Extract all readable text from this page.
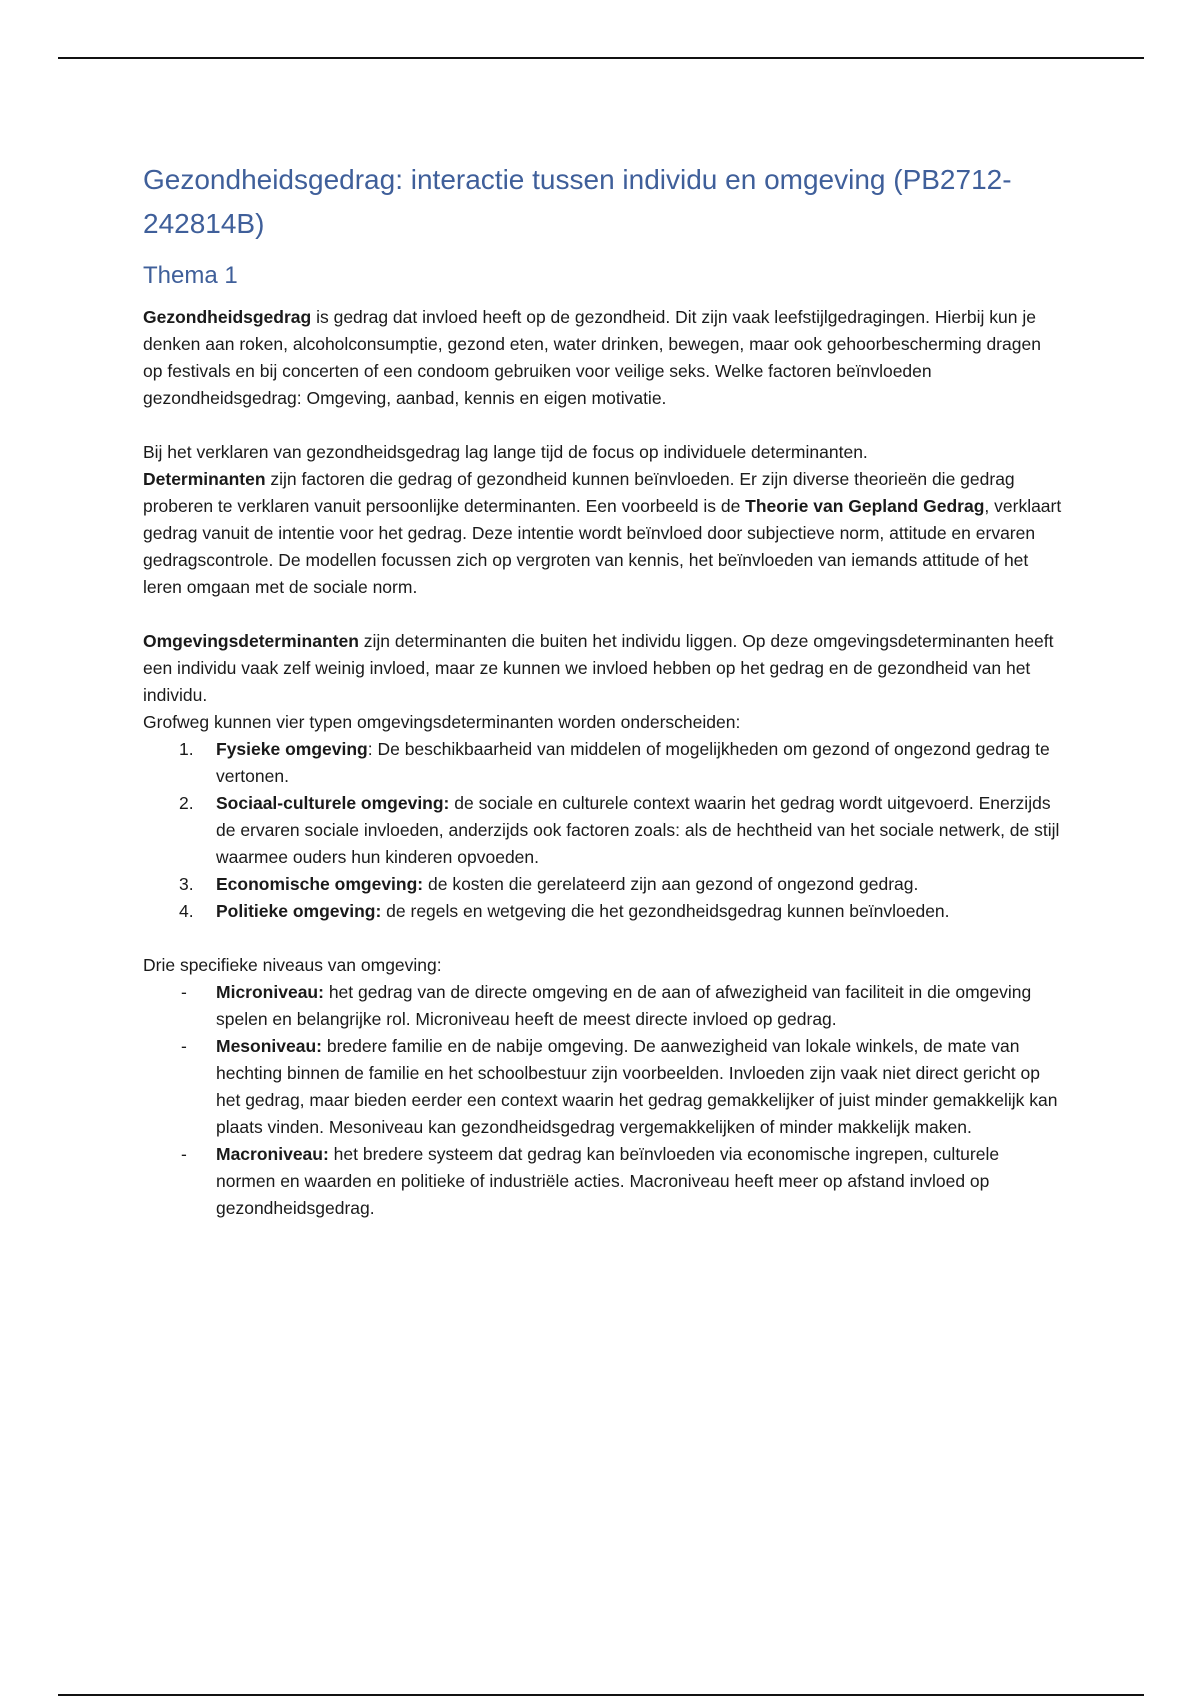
Gezondheidsgedrag: interactie tussen individu en omgeving (PB2712-242814B)
Thema 1

Gezondheidsgedrag is gedrag dat invloed heeft op de gezondheid. Dit zijn vaak leefstijlgedragingen. Hierbij kun je denken aan roken, alcoholconsumptie, gezond eten, water drinken, bewegen, maar ook gehoorbescherming dragen op festivals en bij concerten of een condoom gebruiken voor veilige seks. Welke factoren beïnvloeden gezondheidsgedrag: Omgeving, aanbad, kennis en eigen motivatie.

Bij het verklaren van gezondheidsgedrag lag lange tijd de focus op individuele determinanten.
Determinanten zijn factoren die gedrag of gezondheid kunnen beïnvloeden. Er zijn diverse theorieën die gedrag proberen te verklaren vanuit persoonlijke determinanten. Een voorbeeld is de Theorie van Gepland Gedrag, verklaart gedrag vanuit de intentie voor het gedrag. Deze intentie wordt beïnvloed door subjectieve norm, attitude en ervaren gedragscontrole. De modellen focussen zich op vergroten van kennis, het beïnvloeden van iemands attitude of het leren omgaan met de sociale norm.

Omgevingsdeterminanten zijn determinanten die buiten het individu liggen. Op deze omgevingsdeterminanten heeft een individu vaak zelf weinig invloed, maar ze kunnen we invloed hebben op het gedrag en de gezondheid van het individu.
Grofweg kunnen vier typen omgevingsdeterminanten worden onderscheiden:

1. Fysieke omgeving: De beschikbaarheid van middelen of mogelijkheden om gezond of ongezond gedrag te vertonen.
2. Sociaal-culturele omgeving: de sociale en culturele context waarin het gedrag wordt uitgevoerd. Enerzijds de ervaren sociale invloeden, anderzijds ook factoren zoals: als de hechtheid van het sociale netwerk, de stijl waarmee ouders hun kinderen opvoeden.
3. Economische omgeving: de kosten die gerelateerd zijn aan gezond of ongezond gedrag.
4. Politieke omgeving: de regels en wetgeving die het gezondheidsgedrag kunnen beïnvloeden.

Drie specifieke niveaus van omgeving:

- Microniveau: het gedrag van de directe omgeving en de aan of afwezigheid van faciliteit in die omgeving spelen en belangrijke rol. Microniveau heeft de meest directe invloed op gedrag.
- Mesoniveau: bredere familie en de nabije omgeving. De aanwezigheid van lokale winkels, de mate van hechting binnen de familie en het schoolbestuur zijn voorbeelden. Invloeden zijn vaak niet direct gericht op het gedrag, maar bieden eerder een context waarin het gedrag gemakkelijker of juist minder gemakkelijk kan plaats vinden. Mesoniveau kan gezondheidsgedrag vergemakkelijken of minder makkelijk maken.
- Macroniveau: het bredere systeem dat gedrag kan beïnvloeden via economische ingrepen, culturele normen en waarden en politieke of industriële acties. Macroniveau heeft meer op afstand invloed op gezondheidsgedrag.
